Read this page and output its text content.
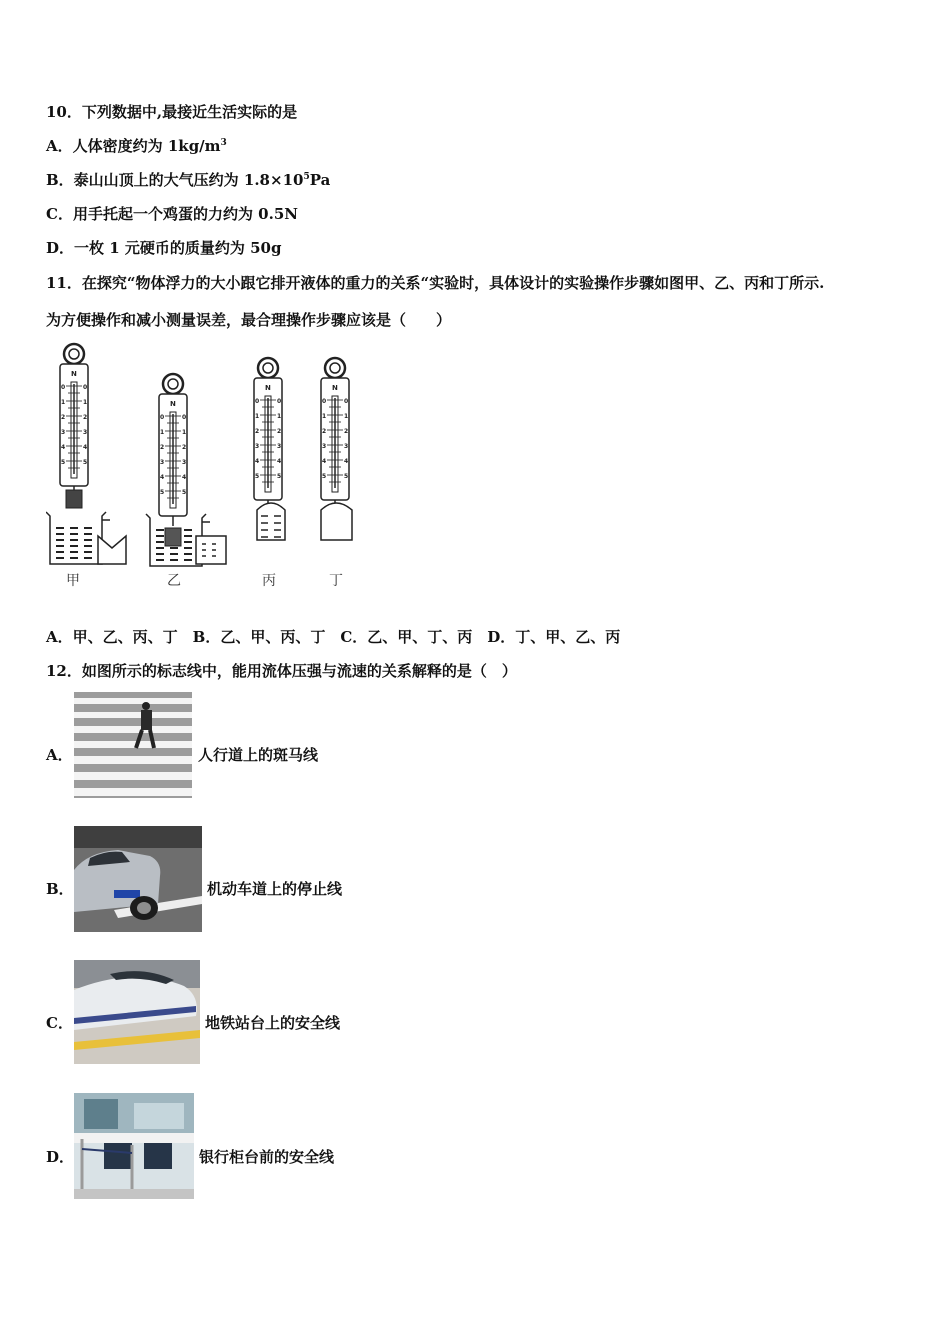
10．下列数据中,最接近生活实际的是
A．人体密度约为 $1kg/m^3$
B．泰山山顶上的大气压约为 $1.8\times 10^5Pa$
C．用手托起一个鸡蛋的力约为 0.5N
D．一枚 1 元硬币的质量约为 50g
11．在探究“物体浮力的大小跟它排开液体的重力的关系“实验时，具体设计的实验操作步骤如图甲、乙、丙和丁所示.
为方便操作和减小测量误差，最合理操作步骤应该是（　　）
甲	乙	丙	丁
N
0	0
1	1
2	2
3	3
4	4
5	5
N
0	0
1	1
2	2
3	3
4	4
5	5
N
0	0
1	1
2	2
3	3
4	4
5	5
N
0	0
1	1
2	2
3	3
4	4
5	5
A．甲、乙、丙、丁　B．乙、甲、丙、丁　C．乙、甲、丁、丙　D．丁、甲、乙、丙
12．如图所示的标志线中，能用流体压强与流速的关系解释的是（　）
A．	人行道上的斑马线
B．	机动车道上的停止线
C．	地铁站台上的安全线
D．	银行柜台前的安全线
